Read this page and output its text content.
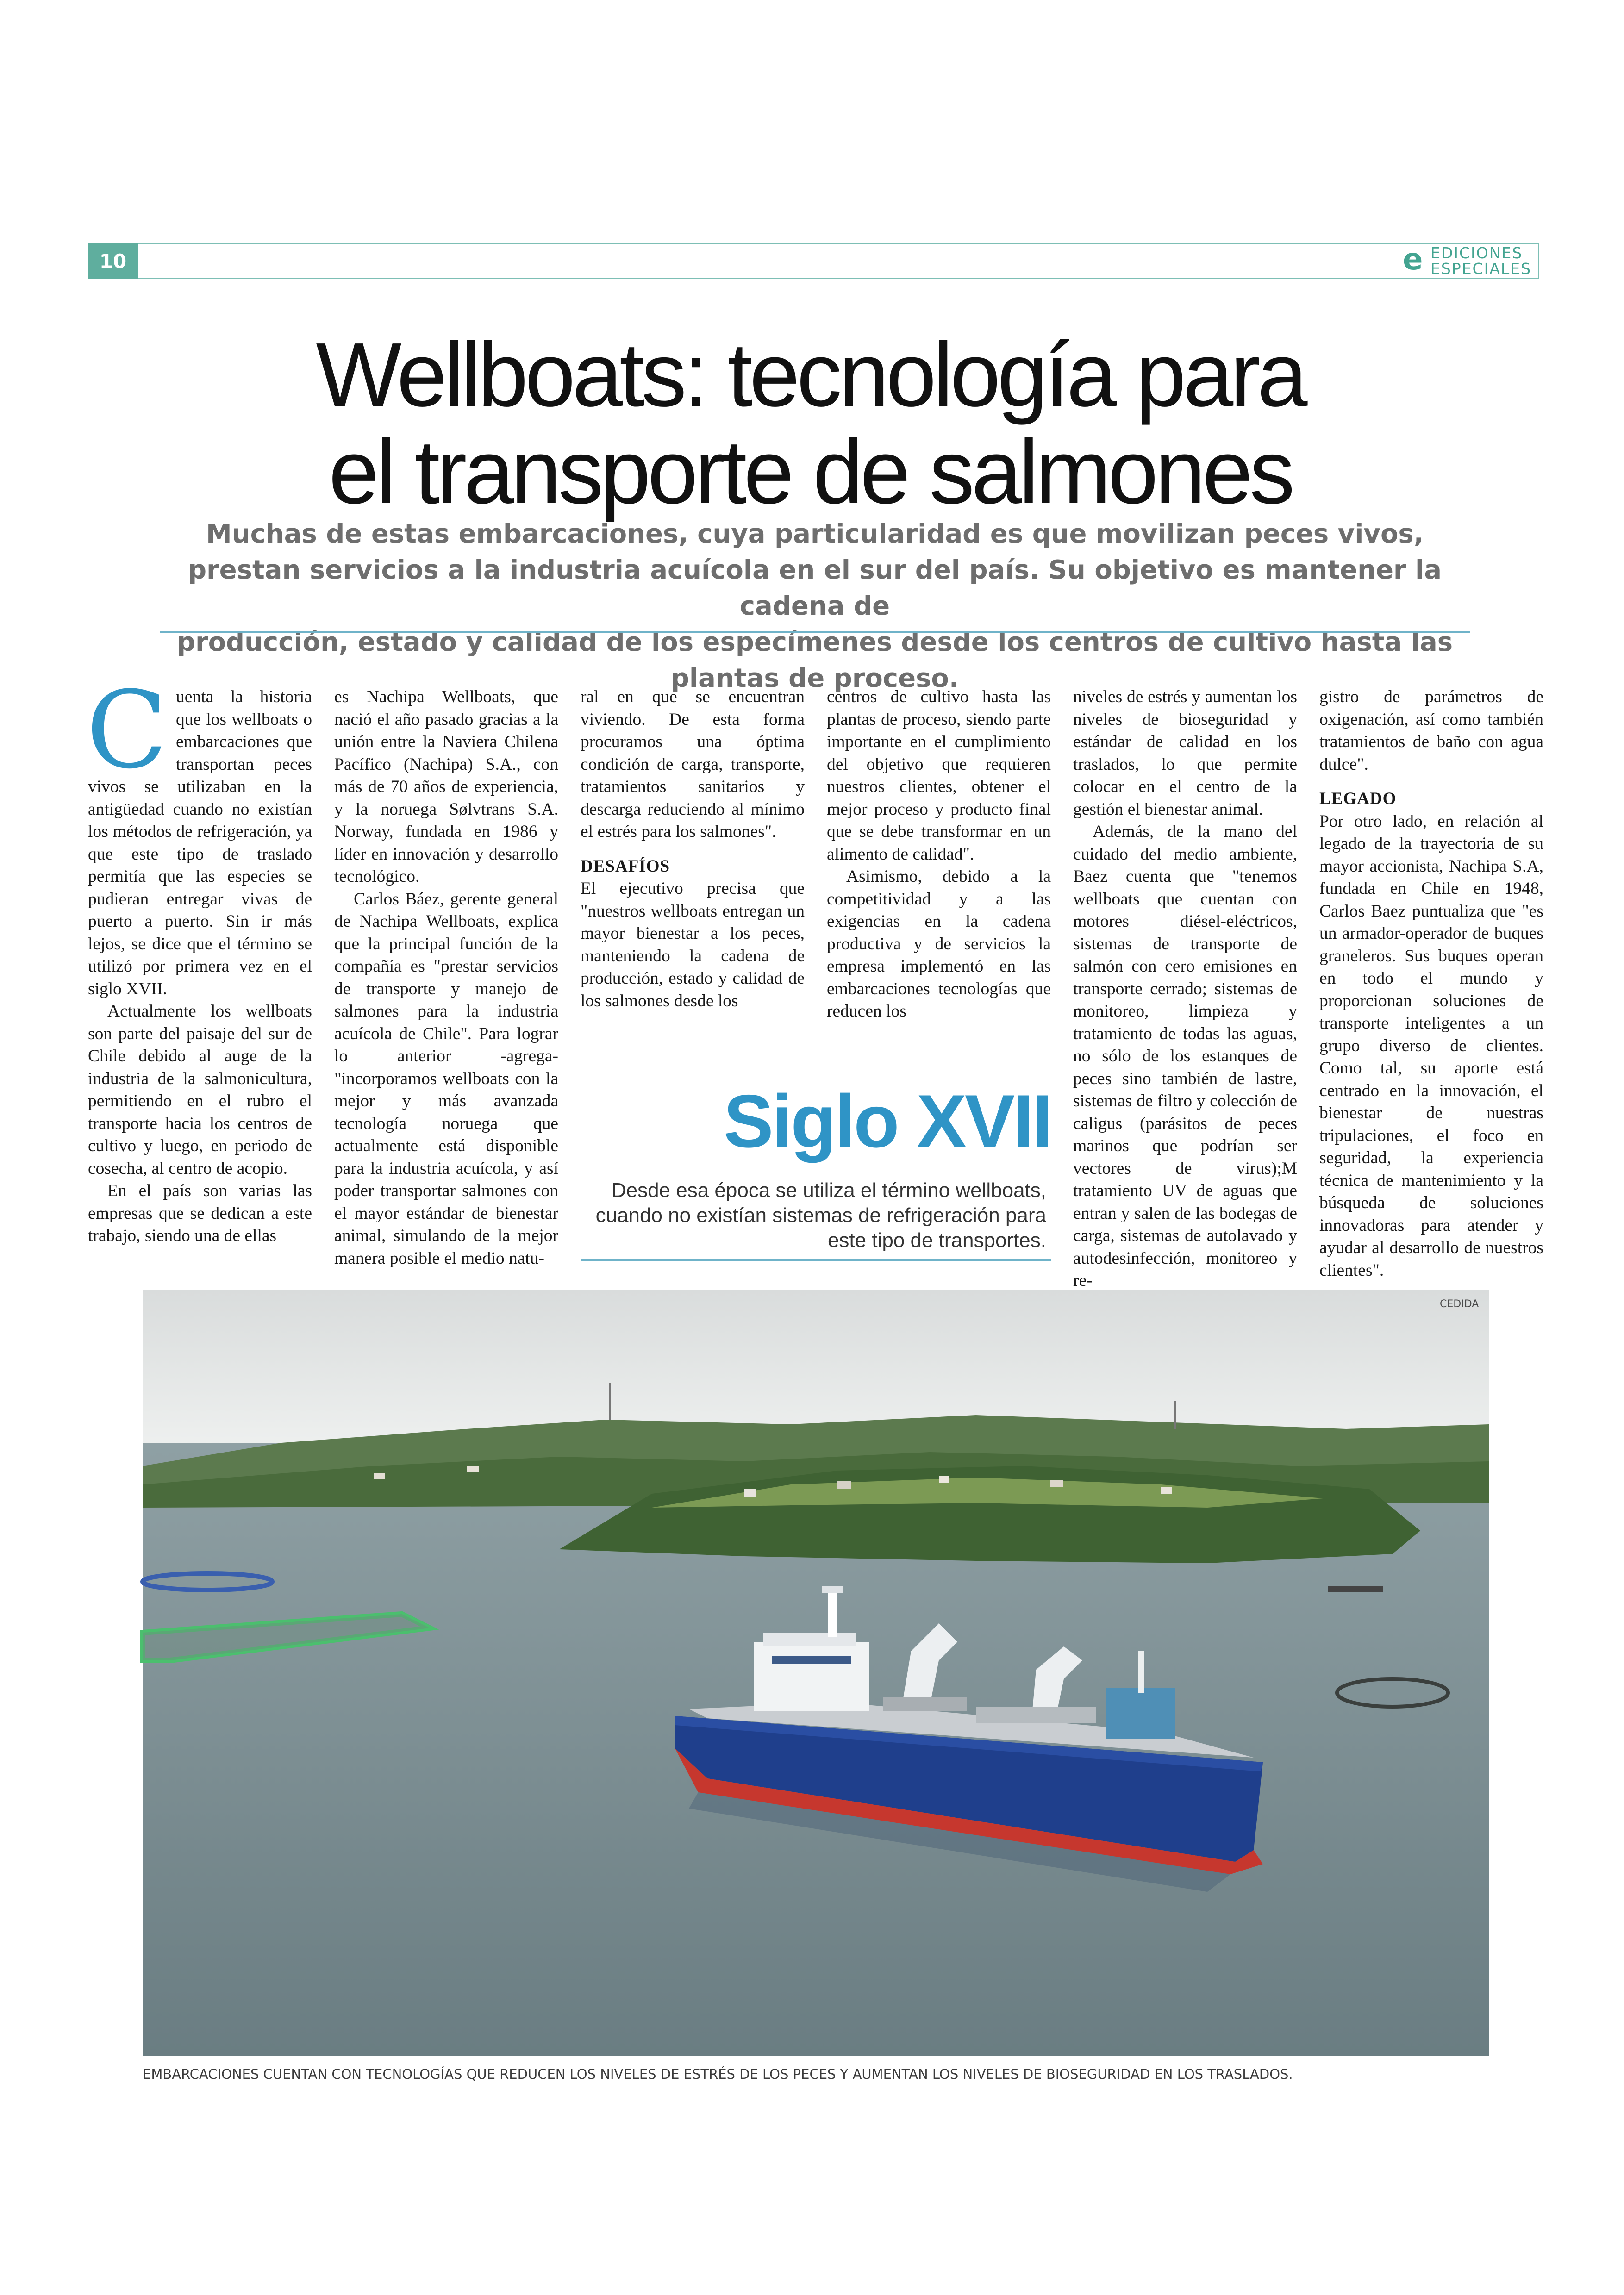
10	e EDICIONES
ESPECIALES
Wellboats: tecnología para
el transporte de salmones

Muchas de estas embarcaciones, cuya particularidad es que movilizan peces vivos,
prestan servicios a la industria acuícola en el sur del país. Su objetivo es mantener la cadena de
producción, estado y calidad de los especímenes desde los centros de cultivo hasta las plantas de proceso.

Cuenta la historia que los wellboats o embarcaciones que transportan peces vivos se utilizaban en la antigüedad cuando no existían los métodos de refrigeración, ya que este tipo de traslado permitía que las especies se pudieran entregar vivas de puerto a puerto. Sin ir más lejos, se dice que el término se utilizó por primera vez en el siglo XVII.

Actualmente los wellboats son parte del paisaje del sur de Chile debido al auge de la industria de la salmonicultura, permitiendo en el rubro el transporte hacia los centros de cultivo y luego, en periodo de cosecha, al centro de acopio.

En el país son varias las empresas que se dedican a este trabajo, siendo una de ellas

es Nachipa Wellboats, que nació el año pasado gracias a la unión entre la Naviera Chilena Pacífico (Nachipa) S.A., con más de 70 años de experiencia, y la noruega Sølvtrans S.A. Norway, fundada en 1986 y líder en innovación y desarrollo tecnológico.

Carlos Báez, gerente general de Nachipa Wellboats, explica que la principal función de la compañía es "prestar servicios de transporte y manejo de salmones para la industria acuícola de Chile". Para lograr lo anterior -agrega- "incorporamos wellboats con la mejor y más avanzada tecnología noruega que actualmente está disponible para la industria acuícola, y así poder transportar salmones con el mayor estándar de bienestar animal, simulando de la mejor manera posible el medio natu-

ral en que se encuentran viviendo. De esta forma procuramos una óptima condición de carga, transporte, tratamientos sanitarios y descarga reduciendo al mínimo el estrés para los salmones".

DESAFÍOS

El ejecutivo precisa que "nuestros wellboats entregan un mayor bienestar a los peces, manteniendo la cadena de producción, estado y calidad de los salmones desde los

centros de cultivo hasta las plantas de proceso, siendo parte importante en el cumplimiento del objetivo que requieren nuestros clientes, obtener el mejor proceso y producto final que se debe transformar en un alimento de calidad".

Asimismo, debido a la competitividad y a las exigencias en la cadena productiva y de servicios la empresa implementó en las embarcaciones tecnologías que reducen los

niveles de estrés y aumentan los niveles de bioseguridad y estándar de calidad en los traslados, lo que permite colocar en el centro de la gestión el bienestar animal.

Además, de la mano del cuidado del medio ambiente, Baez cuenta que "tenemos wellboats que cuentan con motores diésel-eléctricos, sistemas de transporte de salmón con cero emisiones en transporte cerrado; sistemas de monitoreo, limpieza y tratamiento de todas las aguas, no sólo de los estanques de peces sino también de lastre, sistemas de filtro y colección de caligus (parásitos de peces marinos que podrían ser vectores de virus);M tratamiento UV de aguas que entran y salen de las bodegas de carga, sistemas de autolavado y autodesinfección, monitoreo y re-

gistro de parámetros de oxigenación, así como también tratamientos de baño con agua dulce".

LEGADO

Por otro lado, en relación al legado de la trayectoria de su mayor accionista, Nachipa S.A, fundada en Chile en 1948, Carlos Baez puntualiza que "es un armador-operador de buques graneleros. Sus buques operan en todo el mundo y proporcionan soluciones de transporte inteligentes a un grupo diverso de clientes. Como tal, su aporte está centrado en la innovación, el bienestar de nuestras tripulaciones, el foco en seguridad, la experiencia técnica de mantenimiento y la búsqueda de soluciones innovadoras para atender y ayudar al desarrollo de nuestros clientes".

Siglo XVII

Desde esa época se utiliza el término wellboats, cuando no existían sistemas de refrigeración para este tipo de transportes.

CEDIDA
EMBARCACIONES CUENTAN CON TECNOLOGÍAS QUE REDUCEN LOS NIVELES DE ESTRÉS DE LOS PECES Y AUMENTAN LOS NIVELES DE BIOSEGURIDAD EN LOS TRASLADOS.
